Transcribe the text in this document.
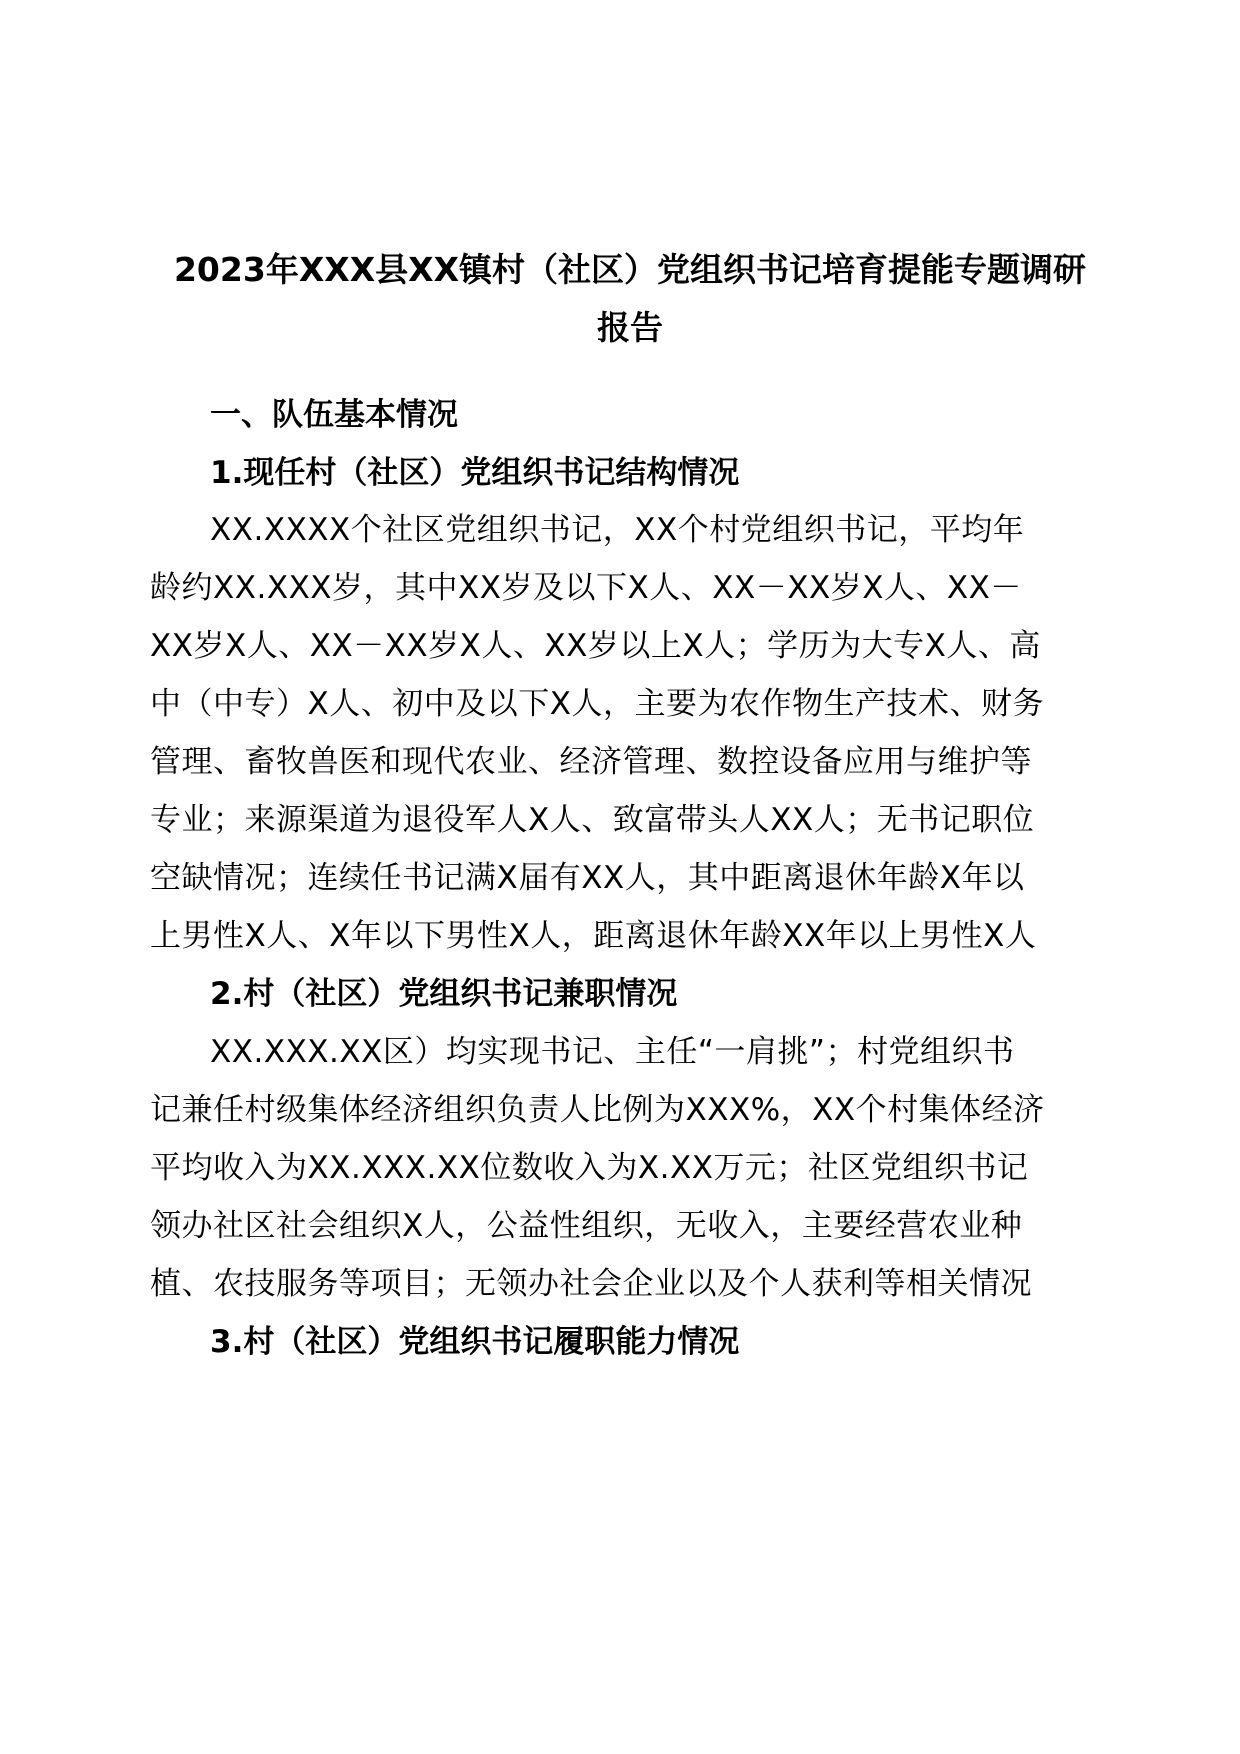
2023年XXX县XX镇村（社区）党组织书记培育提能专题调研
报告
一、队伍基本情况
1.现任村（社区）党组织书记结构情况
XX.XXXX个社区党组织书记，XX个村党组织书记，平均年
龄约XX.XXX岁，其中XX岁及以下X人、XX－XX岁X人、XX－
XX岁X人、XX－XX岁X人、XX岁以上X人；学历为大专X人、高
中（中专）X人、初中及以下X人，主要为农作物生产技术、财务
管理、畜牧兽医和现代农业、经济管理、数控设备应用与维护等
专业；来源渠道为退役军人X人、致富带头人XX人；无书记职位
空缺情况；连续任书记满X届有XX人，其中距离退休年龄X年以
上男性X人、X年以下男性X人，距离退休年龄XX年以上男性X人
2.村（社区）党组织书记兼职情况
XX.XXX.XX区）均实现书记、主任“一肩挑”；村党组织书
记兼任村级集体经济组织负责人比例为XXX%，XX个村集体经济
平均收入为XX.XXX.XX位数收入为X.XX万元；社区党组织书记
领办社区社会组织X人，公益性组织，无收入，主要经营农业种
植、农技服务等项目；无领办社会企业以及个人获利等相关情况
3.村（社区）党组织书记履职能力情况
